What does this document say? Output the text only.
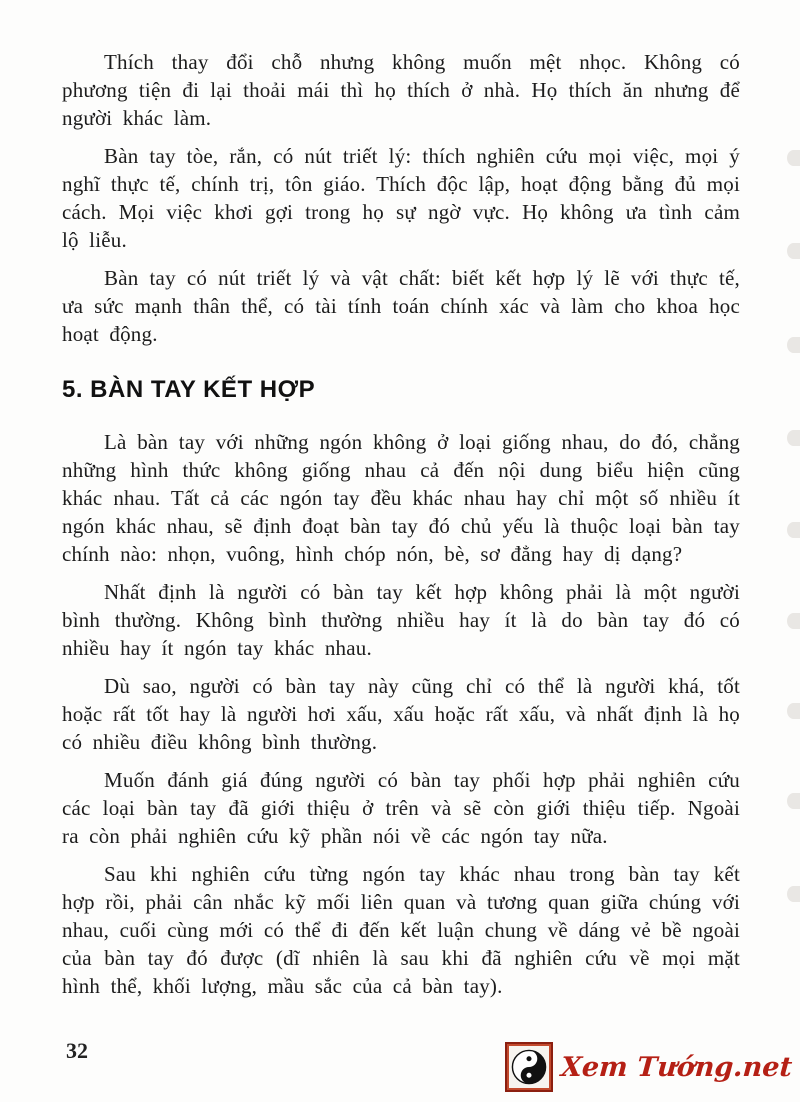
Thích thay đổi chỗ nhưng không muốn mệt nhọc. Không có phương tiện đi lại thoải mái thì họ thích ở nhà. Họ thích ăn nhưng để người khác làm.

Bàn tay tòe, rắn, có nút triết lý: thích nghiên cứu mọi việc, mọi ý nghĩ thực tế, chính trị, tôn giáo. Thích độc lập, hoạt động bằng đủ mọi cách. Mọi việc khơi gợi trong họ sự ngờ vực. Họ không ưa tình cảm lộ liễu.

Bàn tay có nút triết lý và vật chất: biết kết hợp lý lẽ với thực tế, ưa sức mạnh thân thể, có tài tính toán chính xác và làm cho khoa học hoạt động.

5. BÀN TAY KẾT HỢP

Là bàn tay với những ngón không ở loại giống nhau, do đó, chẳng những hình thức không giống nhau cả đến nội dung biểu hiện cũng khác nhau. Tất cả các ngón tay đều khác nhau hay chỉ một số nhiều ít ngón khác nhau, sẽ định đoạt bàn tay đó chủ yếu là thuộc loại bàn tay chính nào: nhọn, vuông, hình chóp nón, bè, sơ đẳng hay dị dạng?

Nhất định là người có bàn tay kết hợp không phải là một người bình thường. Không bình thường nhiều hay ít là do bàn tay đó có nhiều hay ít ngón tay khác nhau.

Dù sao, người có bàn tay này cũng chỉ có thể là người khá, tốt hoặc rất tốt hay là người hơi xấu, xấu hoặc rất xấu, và nhất định là họ có nhiều điều không bình thường.

Muốn đánh giá đúng người có bàn tay phối hợp phải nghiên cứu các loại bàn tay đã giới thiệu ở trên và sẽ còn giới thiệu tiếp. Ngoài ra còn phải nghiên cứu kỹ phần nói về các ngón tay nữa.

Sau khi nghiên cứu từng ngón tay khác nhau trong bàn tay kết hợp rồi, phải cân nhắc kỹ mối liên quan và tương quan giữa chúng với nhau, cuối cùng mới có thể đi đến kết luận chung về dáng vẻ bề ngoài của bàn tay đó được (dĩ nhiên là sau khi đã nghiên cứu về mọi mặt hình thể, khối lượng, mầu sắc của cả bàn tay).

32
Xem Tướng.net
